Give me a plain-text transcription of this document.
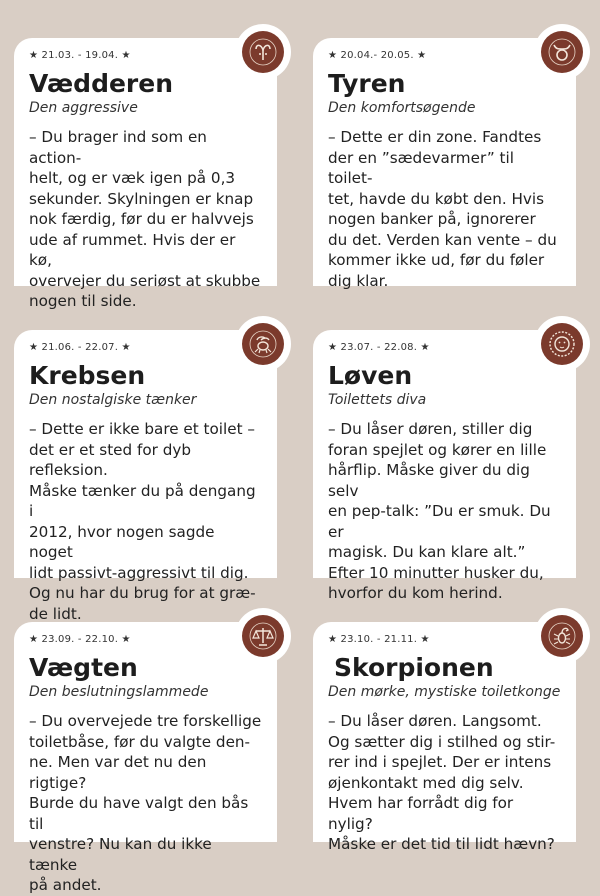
★ 21.03. - 19.04. ★
Vædderen
Den aggressive
– Du brager ind som en action-
helt, og er væk igen på 0,3
sekunder. Skylningen er knap
nok færdig, før du er halvvejs
ude af rummet. Hvis der er kø,
overvejer du seriøst at skubbe
nogen til side.
★ 20.04.- 20.05. ★
Tyren
Den komfortsøgende
– Dette er din zone. Fandtes
der en ”sædevarmer” til toilet-
tet, havde du købt den. Hvis
nogen banker på, ignorerer
du det. Verden kan vente – du
kommer ikke ud, før du føler
dig klar.
★ 21.06. - 22.07. ★
Krebsen
Den nostalgiske tænker
– Dette er ikke bare et toilet –
det er et sted for dyb refleksion.
Måske tænker du på dengang i
2012, hvor nogen sagde noget
lidt passivt-aggressivt til dig.
Og nu har du brug for at græ-
de lidt.
★ 23.07. - 22.08. ★
Løven
Toilettets diva
– Du låser døren, stiller dig
foran spejlet og kører en lille
hårflip. Måske giver du dig selv
en pep-talk: ”Du er smuk. Du er
magisk. Du kan klare alt.”
Efter 10 minutter husker du,
hvorfor du kom herind.
★ 23.09. - 22.10. ★
Vægten
Den beslutningslammede
– Du overvejede tre forskellige
toiletbåse, før du valgte den-
ne. Men var det nu den rigtige?
Burde du have valgt den bås til
venstre? Nu kan du ikke tænke
på andet.
★ 23.10. - 21.11. ★
Skorpionen
Den mørke, mystiske toiletkonge
– Du låser døren. Langsomt.
Og sætter dig i stilhed og stir-
rer ind i spejlet. Der er intens
øjenkontakt med dig selv.
Hvem har forrådt dig for nylig?
Måske er det tid til lidt hævn?
